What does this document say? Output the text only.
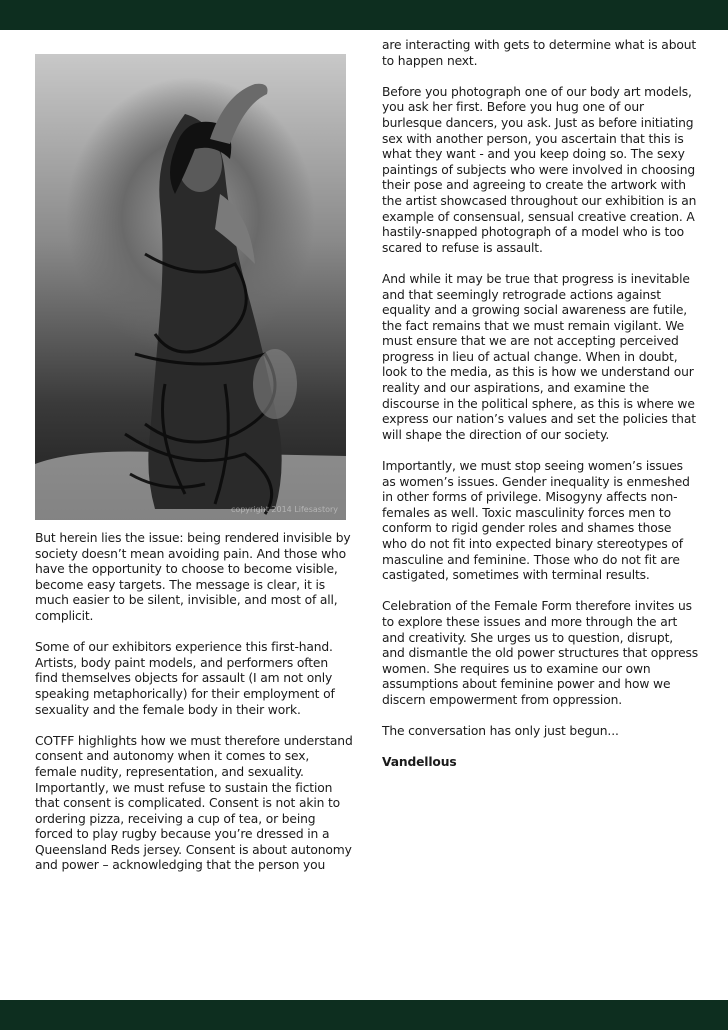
copyright 2014 Lifesastory

But herein lies the issue: being rendered invisible by society doesn’t mean avoiding pain. And those who have the opportunity to choose to become visible, become easy targets. The message is clear, it is much easier to be silent, invisible, and most of all, complicit.

Some of our exhibitors experience this first-hand. Artists, body paint models, and performers often find themselves objects for assault (I am not only speaking metaphorically) for their employment of sexuality and the female body in their work.

COTFF highlights how we must therefore understand consent and autonomy when it comes to sex, female nudity, representation, and sexuality. Importantly, we must refuse to sustain the fiction that consent is complicated. Consent is not akin to ordering pizza, receiving a cup of tea, or being forced to play rugby because you’re dressed in a Queensland Reds jersey. Consent is about autonomy and power – acknowledging that the person you

are interacting with gets to determine what is about to happen next.

Before you photograph one of our body art models, you ask her first. Before you hug one of our burlesque dancers, you ask. Just as before initiating sex with another person, you ascertain that this is what they want - and you keep doing so. The sexy paintings of subjects who were involved in choosing their pose and agreeing to create the artwork with the artist showcased throughout our exhibition is an example of consensual, sensual creative creation. A hastily-snapped photograph of a model who is too scared to refuse is assault.

And while it may be true that progress is inevitable and that seemingly retrograde actions against equality and a growing social awareness are futile, the fact remains that we must remain vigilant. We must ensure that we are not accepting perceived progress in lieu of actual change. When in doubt, look to the media, as this is how we understand our reality and our aspirations, and examine the discourse in the political sphere, as this is where we express our nation’s values and set the policies that will shape the direction of our society.

Importantly, we must stop seeing women’s issues as women’s issues. Gender inequality is enmeshed in other forms of privilege. Misogyny affects non-females as well. Toxic masculinity forces men to conform to rigid gender roles and shames those who do not fit into expected binary stereotypes of masculine and feminine. Those who do not fit are castigated, sometimes with terminal results.

Celebration of the Female Form therefore invites us to explore these issues and more through the art and creativity. She urges us to question, disrupt, and dismantle the old power structures that oppress women. She requires us to examine our own assumptions about feminine power and how we discern empowerment from oppression.

The conversation has only just begun...

Vandellous
